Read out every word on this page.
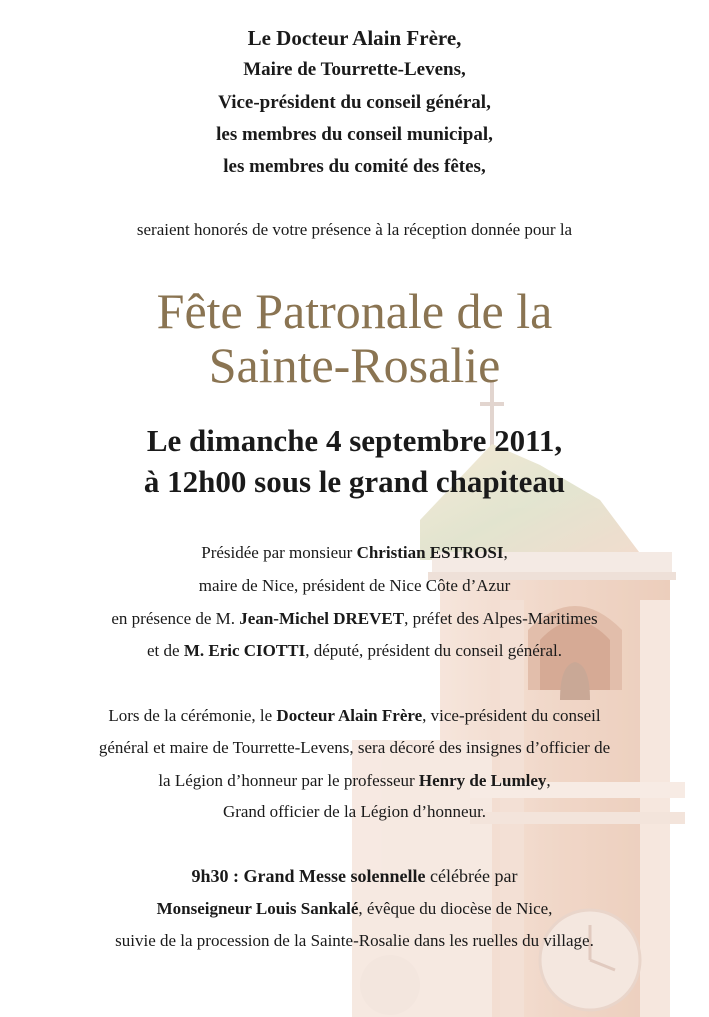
Le Docteur Alain Frère,
Maire de Tourrette-Levens,
Vice-président du conseil général,
les membres du conseil municipal,
les membres du comité des fêtes,
seraient honorés de votre présence à la réception donnée pour la
Fête Patronale de la
Sainte-Rosalie
Le dimanche 4 septembre 2011,
à 12h00 sous le grand chapiteau
Présidée par monsieur Christian ESTROSI,
maire de Nice, président de Nice Côte d’Azur
en présence de M. Jean-Michel DREVET, préfet des Alpes-Maritimes
et de M. Eric CIOTTI, député, président du conseil général.
Lors de la cérémonie, le Docteur Alain Frère, vice-président du conseil
général et maire de Tourrette-Levens, sera décoré des insignes d’officier de
la Légion d’honneur par le professeur Henry de Lumley,
Grand officier de la Légion d’honneur.
9h30 : Grand Messe solennelle célébrée par
Monseigneur Louis Sankalé, évêque du diocèse de Nice,
suivie de la procession de la Sainte-Rosalie dans les ruelles du village.
